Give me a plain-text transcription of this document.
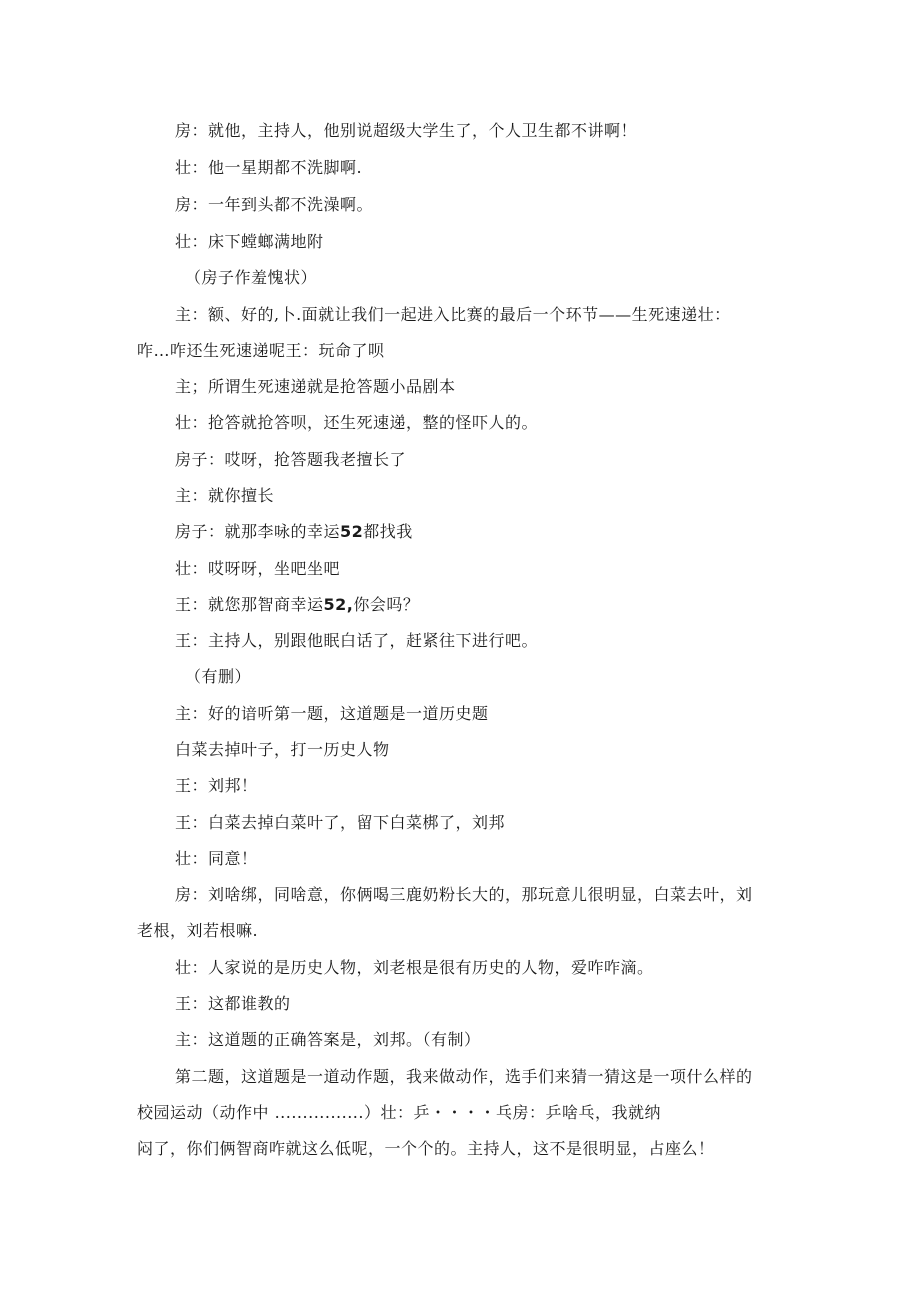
房：就他，主持人，他别说超级大学生了，个人卫生都不讲啊！
壮：他一星期都不洗脚啊.
房：一年到头都不洗澡啊。
壮：床下螳螂满地附
（房子作羞愧状）
主：额、好的,卜.面就让我们一起进入比赛的最后一个环节——生死速递壮：
咋…咋还生死速递呢王：玩命了呗
主；所谓生死速递就是抢答题小品剧本
壮：抢答就抢答呗，还生死速递，整的怪吓人的。
房子：哎呀，抢答题我老擅长了
主：就你擅长
房子：就那李咏的幸运52都找我
壮：哎呀呀，坐吧坐吧
王：就您那智商幸运52,你会吗？
王：主持人，别跟他眠白话了，赶紧往下进行吧。
（有删）
主：好的谙听第一题，这道题是一道历史题
白菜去掉叶子，打一历史人物
王：刘邦！
王：白菜去掉白菜叶了，留下白菜梆了，刘邦
壮：同意！
房：刘啥绑，同啥意，你俩喝三鹿奶粉长大的，那玩意儿很明显，白菜去叶，刘
老根，刘若根嘛.
壮：人家说的是历史人物，刘老根是很有历史的人物，爱咋咋滴。
王：这都谁教的
主：这道题的正确答案是，刘邦。（有制）
第二题，这道题是一道动作题，我来做动作，选手们来猜一猜这是一项什么样的
校园运动（动作中 ................）壮：乒・・・・乓房：乒啥乓，我就纳
闷了，你们俩智商咋就这么低呢，一个个的。主持人，这不是很明显，占座么！
